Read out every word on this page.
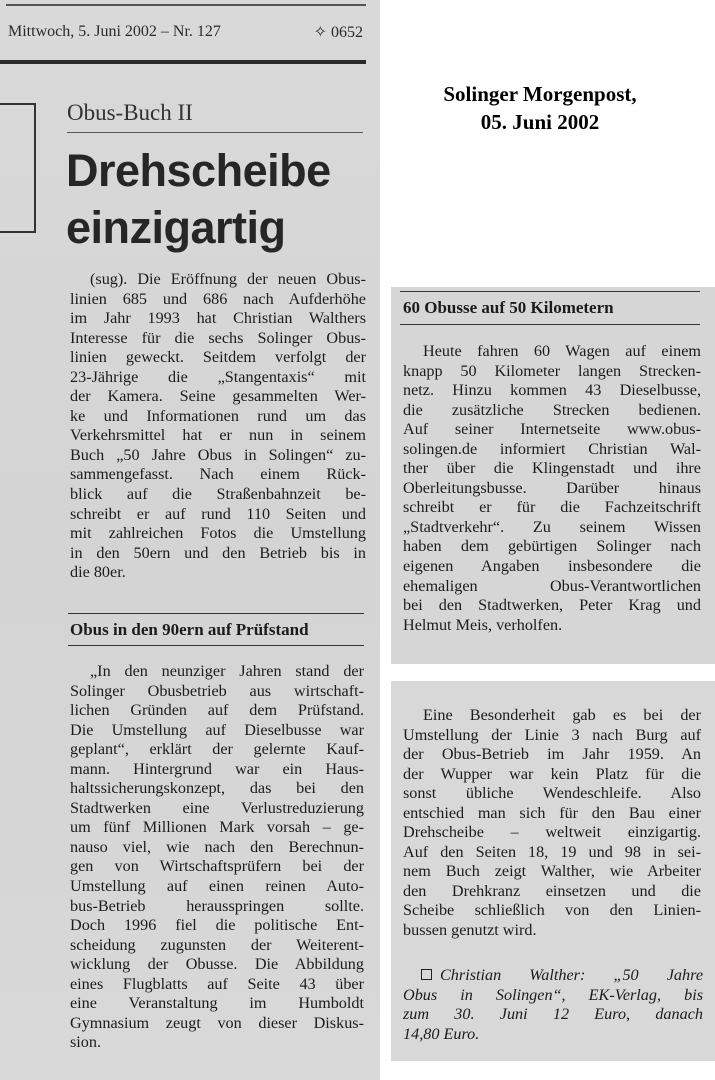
Mittwoch, 5. Juni 2002 – Nr. 127	✧ 0652
Obus-Buch II
Drehscheibe
einzigartig
Solinger Morgenpost,
05. Juni 2002
(sug). Die Eröffnung der neuen Obus-
linien 685 und 686 nach Aufderhöhe
im Jahr 1993 hat Christian Walthers
Interesse für die sechs Solinger Obus-
linien geweckt. Seitdem verfolgt der
23-Jährige die „Stangentaxis“ mit
der Kamera. Seine gesammelten Wer-
ke und Informationen rund um das
Verkehrsmittel hat er nun in seinem
Buch „50 Jahre Obus in Solingen“ zu-
sammengefasst. Nach einem Rück-
blick auf die Straßenbahnzeit be-
schreibt er auf rund 110 Seiten und
mit zahlreichen Fotos die Umstellung
in den 50ern und den Betrieb bis in
die 80er.
Obus in den 90ern auf Prüfstand
„In den neunziger Jahren stand der
Solinger Obusbetrieb aus wirtschaft-
lichen Gründen auf dem Prüfstand.
Die Umstellung auf Dieselbusse war
geplant“, erklärt der gelernte Kauf-
mann. Hintergrund war ein Haus-
haltssicherungskonzept, das bei den
Stadtwerken eine Verlustreduzierung
um fünf Millionen Mark vorsah – ge-
nauso viel, wie nach den Berechnun-
gen von Wirtschaftsprüfern bei der
Umstellung auf einen reinen Auto-
bus-Betrieb herausspringen sollte.
Doch 1996 fiel die politische Ent-
scheidung zugunsten der Weiterent-
wicklung der Obusse. Die Abbildung
eines Flugblatts auf Seite 43 über
eine Veranstaltung im Humboldt
Gymnasium zeugt von dieser Diskus-
sion.
60 Obusse auf 50 Kilometern
Heute fahren 60 Wagen auf einem
knapp 50 Kilometer langen Strecken-
netz. Hinzu kommen 43 Dieselbusse,
die zusätzliche Strecken bedienen.
Auf seiner Internetseite www.obus-
solingen.de informiert Christian Wal-
ther über die Klingenstadt und ihre
Oberleitungsbusse. Darüber hinaus
schreibt er für die Fachzeitschrift
„Stadtverkehr“. Zu seinem Wissen
haben dem gebürtigen Solinger nach
eigenen Angaben insbesondere die
ehemaligen Obus-Verantwortlichen
bei den Stadtwerken, Peter Krag und
Helmut Meis, verholfen.
Eine Besonderheit gab es bei der
Umstellung der Linie 3 nach Burg auf
der Obus-Betrieb im Jahr 1959. An
der Wupper war kein Platz für die
sonst übliche Wendeschleife. Also
entschied man sich für den Bau einer
Drehscheibe – weltweit einzigartig.
Auf den Seiten 18, 19 und 98 in sei-
nem Buch zeigt Walther, wie Arbeiter
den Drehkranz einsetzen und die
Scheibe schließlich von den Linien-
bussen genutzt wird.
Christian Walther: „50 Jahre
Obus in Solingen“, EK-Verlag, bis
zum 30. Juni 12 Euro, danach
14,80 Euro.
